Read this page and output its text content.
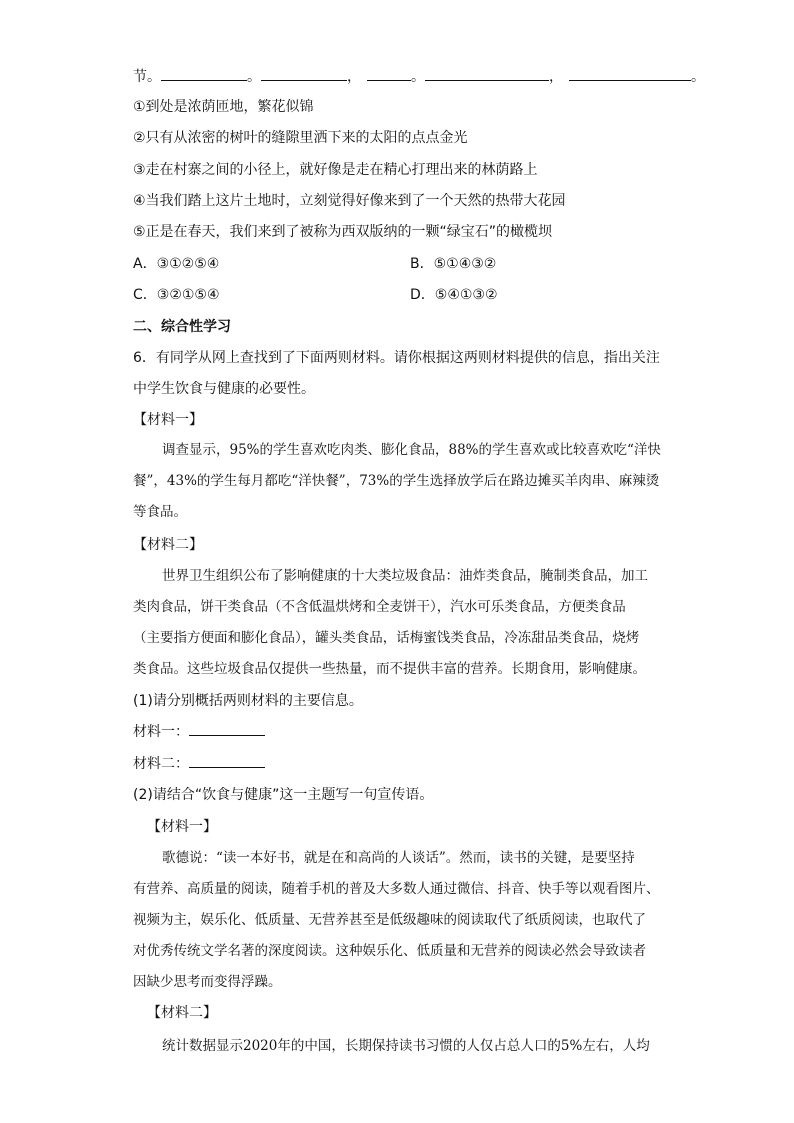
节。	。	，	。	，	。
①到处是浓荫匝地，繁花似锦
②只有从浓密的树叶的缝隙里洒下来的太阳的点点金光
③走在村寨之间的小径上，就好像是走在精心打理出来的林荫路上
④当我们踏上这片土地时，立刻觉得好像来到了一个天然的热带大花园
⑤正是在春天，我们来到了被称为西双版纳的一颗“绿宝石”的橄榄坝
A．③①②⑤④	B．⑤①④③②
C．③②①⑤④	D．⑤④①③②
二、综合性学习
6．有同学从网上查找到了下面两则材料。请你根据这两则材料提供的信息，指出关注
中学生饮食与健康的必要性。
【材料一】
调查显示，95%的学生喜欢吃肉类、膨化食品，88%的学生喜欢或比较喜欢吃“洋快
餐”，43%的学生每月都吃“洋快餐”，73%的学生选择放学后在路边摊买羊肉串、麻辣烫
等食品。
【材料二】
世界卫生组织公布了影响健康的十大类垃圾食品：油炸类食品，腌制类食品，加工
类肉食品，饼干类食品（不含低温烘烤和全麦饼干），汽水可乐类食品，方便类食品
（主要指方便面和膨化食品），罐头类食品，话梅蜜饯类食品，冷冻甜品类食品，烧烤
类食品。这些垃圾食品仅提供一些热量，而不提供丰富的营养。长期食用，影响健康。
(1)请分别概括两则材料的主要信息。
材料一：
材料二：
(2)请结合“饮食与健康”这一主题写一句宣传语。
【材料一】
歌德说：“读一本好书，就是在和高尚的人谈话”。然而，读书的关键，是要坚持
有营养、高质量的阅读，随着手机的普及大多数人通过微信、抖音、快手等以观看图片、
视频为主，娱乐化、低质量、无营养甚至是低级趣味的阅读取代了纸质阅读，也取代了
对优秀传统文学名著的深度阅读。这种娱乐化、低质量和无营养的阅读必然会导致读者
因缺少思考而变得浮躁。
【材料二】
统计数据显示2020年的中国，长期保持读书习惯的人仅占总人口的5%左右，人均
